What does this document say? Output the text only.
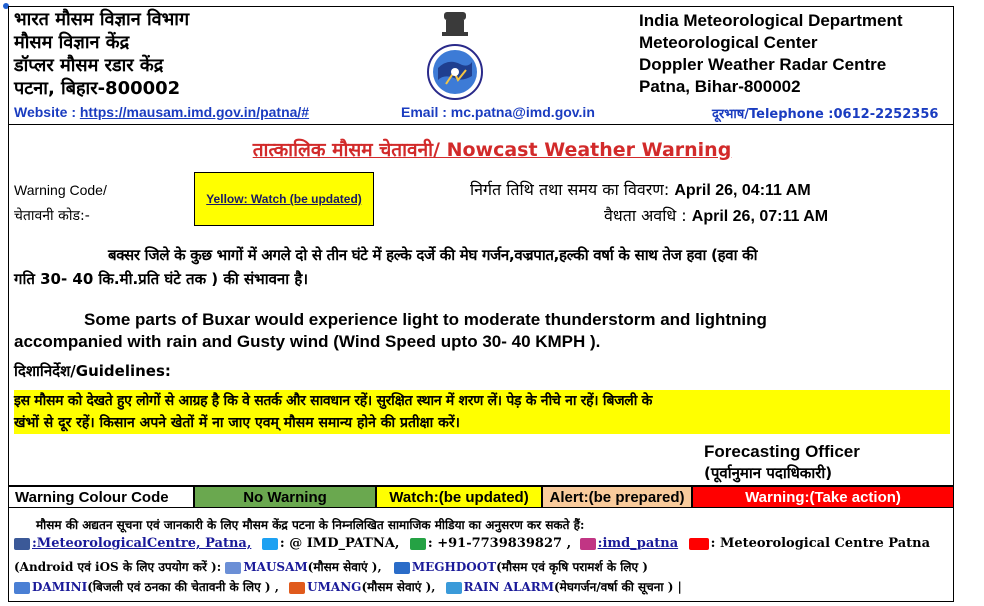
भारत मौसम विज्ञान विभाग
मौसम विज्ञान केंद्र
डॉप्लर मौसम रडार केंद्र
पटना, बिहार-800002
India Meteorological Department
Meteorological Center
Doppler Weather Radar Centre
Patna, Bihar-800002
Website : https://mausam.imd.gov.in/patna/#	Email : mc.patna@imd.gov.in	दूरभाष/Telephone :0612-2252356
तात्कालिक मौसम चेतावनी/ Nowcast Weather Warning
Warning Code/
चेतावनी कोड:-
Yellow: Watch (be updated)	निर्गत तिथि तथा समय का विवरण: April 26, 04:11 AM
वैधता अवधि : April 26, 07:11 AM
बक्सर जिले के कुछ भागों में अगले दो से तीन घंटे में हल्के दर्जे की मेघ गर्जन,वज्रपात,हल्की वर्षा के साथ तेज हवा (हवा की
गति 30- 40 कि.मी.प्रति घंटे तक ) की संभावना है।
Some parts of Buxar would experience light to moderate thunderstorm and lightning
accompanied with rain and Gusty wind (Wind Speed upto 30- 40 KMPH ).
दिशानिर्देश/Guidelines:
इस मौसम को देखते हुए लोगों से आग्रह है कि वे सतर्क और सावधान रहें। सुरक्षित स्थान में शरण लें। पेड़ के नीचे ना रहें। बिजली के
खंभों से दूर रहें। किसान अपने खेतों में ना जाए एवम् मौसम समान्य होने की प्रतीक्षा करें।
Forecasting Officer
(पूर्वानुमान पदाधिकारी)
Warning Colour Code	No Warning	Watch:(be updated)	Alert:(be prepared)	Warning:(Take action)
मौसम की अद्यतन सूचना एवं जानकारी के लिए मौसम केंद्र पटना के निम्नलिखित सामाजिक मीडिया का अनुसरण कर सकते हैं:
:MeteorologicalCentre, Patna, : @ IMD_PATNA, : +91-7739839827 , :imd_patna	: Meteorological Centre Patna
(Android एवं iOS के लिए उपयोग करें ): MAUSAM(मौसम सेवाएं ),	MEGHDOOT(मौसम एवं कृषि परामर्श के लिए )
DAMINI(बिजली एवं ठनका की चेतावनी के लिए ) , UMANG(मौसम सेवाएं ), RAIN ALARM(मेघगर्जन/वर्षा की सूचना ) |
